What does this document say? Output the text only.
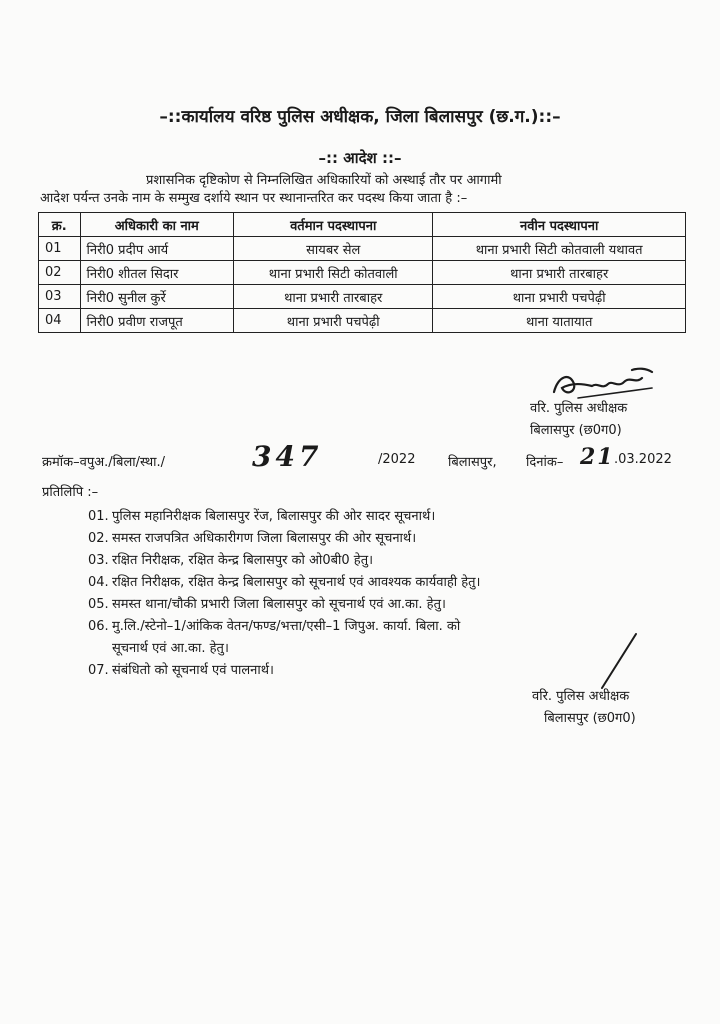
–::कार्यालय वरिष्ठ पुलिस अधीक्षक, जिला बिलासपुर (छ.ग.)::–
–:: आदेश ::–
प्रशासनिक दृष्टिकोण से निम्नलिखित अधिकारियों को अस्थाई तौर पर आगामी
आदेश पर्यन्त उनके नाम के सम्मुख दर्शाये स्थान पर स्थानान्तरित कर पदस्थ किया जाता है :–
क्र.	अधिकारी का नाम	वर्तमान पदस्थापना	नवीन पदस्थापना
01	निरी0 प्रदीप आर्य	सायबर सेल	थाना प्रभारी सिटी कोतवाली यथावत
02	निरी0 शीतल सिदार	थाना प्रभारी सिटी कोतवाली	थाना प्रभारी तारबाहर
03	निरी0 सुनील कुर्रे	थाना प्रभारी तारबाहर	थाना प्रभारी पचपेढ़ी
04	निरी0 प्रवीण राजपूत	थाना प्रभारी पचपेढ़ी	थाना यातायात
वरि. पुलिस अधीक्षक
बिलासपुर (छ0ग0)
क्रमॉक–वपुअ./बिला/स्था./	347	/2022	बिलासपुर, दिनांक– 21 .03.2022
प्रतिलिपि :–
01. पुलिस महानिरीक्षक बिलासपुर रेंज, बिलासपुर की ओर सादर सूचनार्थ।
02. समस्त राजपत्रित अधिकारीगण जिला बिलासपुर की ओर सूचनार्थ।
03. रक्षित निरीक्षक, रक्षित केन्द्र बिलासपुर को ओ0बी0 हेतु।
04. रक्षित निरीक्षक, रक्षित केन्द्र बिलासपुर को सूचनार्थ एवं आवश्यक कार्यवाही हेतु।
05. समस्त थाना/चौकी प्रभारी जिला बिलासपुर को सूचनार्थ एवं आ.का. हेतु।
06. मु.लि./स्टेनो–1/आंकिक वेतन/फण्ड/भत्ता/एसी–1 जिपुअ. कार्या. बिला. को
सूचनार्थ एवं आ.का. हेतु।
07. संबंधितो को सूचनार्थ एवं पालनार्थ।
वरि. पुलिस अधीक्षक
बिलासपुर (छ0ग0)
